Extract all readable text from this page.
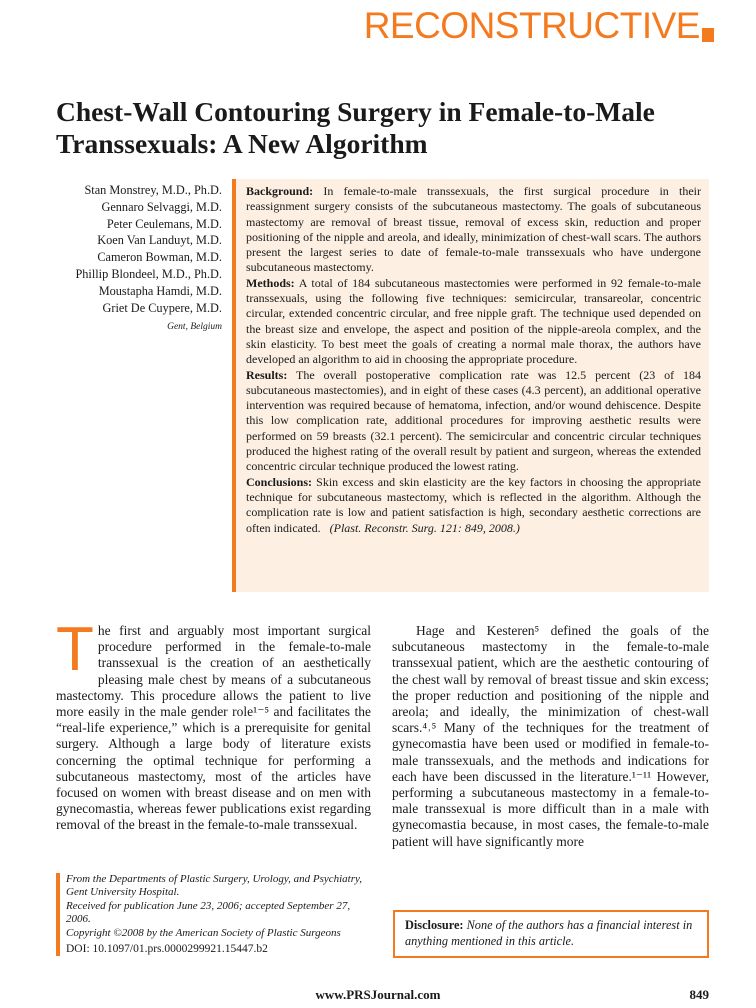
RECONSTRUCTIVE
Chest-Wall Contouring Surgery in Female-to-Male Transsexuals: A New Algorithm
Stan Monstrey, M.D., Ph.D.
Gennaro Selvaggi, M.D.
Peter Ceulemans, M.D.
Koen Van Landuyt, M.D.
Cameron Bowman, M.D.
Phillip Blondeel, M.D., Ph.D.
Moustapha Hamdi, M.D.
Griet De Cuypere, M.D.
Gent, Belgium

Background: In female-to-male transsexuals, the first surgical procedure in their reassignment surgery consists of the subcutaneous mastectomy. The goals of subcutaneous mastectomy are removal of breast tissue, removal of excess skin, reduction and proper positioning of the nipple and areola, and ideally, minimization of chest-wall scars. The authors present the largest series to date of female-to-male transsexuals who have undergone subcutaneous mastectomy.

Methods: A total of 184 subcutaneous mastectomies were performed in 92 female-to-male transsexuals, using the following five techniques: semicircular, transareolar, concentric circular, extended concentric circular, and free nipple graft. The technique used depended on the breast size and envelope, the aspect and position of the nipple-areola complex, and the skin elasticity. To best meet the goals of creating a normal male thorax, the authors have developed an algorithm to aid in choosing the appropriate procedure.

Results: The overall postoperative complication rate was 12.5 percent (23 of 184 subcutaneous mastectomies), and in eight of these cases (4.3 percent), an additional operative intervention was required because of hematoma, infection, and/or wound dehiscence. Despite this low complication rate, additional procedures for improving aesthetic results were performed on 59 breasts (32.1 percent). The semicircular and concentric circular techniques produced the highest rating of the overall result by patient and surgeon, whereas the extended concentric circular technique produced the lowest rating.

Conclusions: Skin excess and skin elasticity are the key factors in choosing the appropriate technique for subcutaneous mastectomy, which is reflected in the algorithm. Although the complication rate is low and patient satisfaction is high, secondary aesthetic corrections are often indicated. (Plast. Reconstr. Surg. 121: 849, 2008.)

The first and arguably most important surgical procedure performed in the female-to-male transsexual is the creation of an aesthetically pleasing male chest by means of a subcutaneous mastectomy. This procedure allows the patient to live more easily in the male gender role¹⁻⁵ and facilitates the “real-life experience,” which is a prerequisite for genital surgery. Although a large body of literature exists concerning the optimal technique for performing a subcutaneous mastectomy, most of the articles have focused on women with breast disease and on men with gynecomastia, whereas fewer publications exist regarding removal of the breast in the female-to-male transsexual.
Hage and Kesteren⁵ defined the goals of the subcutaneous mastectomy in the female-to-male transsexual patient, which are the aesthetic contouring of the chest wall by removal of breast tissue and skin excess; the proper reduction and positioning of the nipple and areola; and ideally, the minimization of chest-wall scars.⁴˒⁵ Many of the techniques for the treatment of gynecomastia have been used or modified in female-to-male transsexuals, and the methods and indications for each have been discussed in the literature.¹⁻¹¹ However, performing a subcutaneous mastectomy in a female-to-male transsexual is more difficult than in a male with gynecomastia because, in most cases, the female-to-male patient will have significantly more
From the Departments of Plastic Surgery, Urology, and Psychiatry, Gent University Hospital.
Received for publication June 23, 2006; accepted September 27, 2006.
Copyright ©2008 by the American Society of Plastic Surgeons
DOI: 10.1097/01.prs.0000299921.15447.b2
Disclosure: None of the authors has a financial interest in anything mentioned in this article.
www.PRSJournal.com	849
